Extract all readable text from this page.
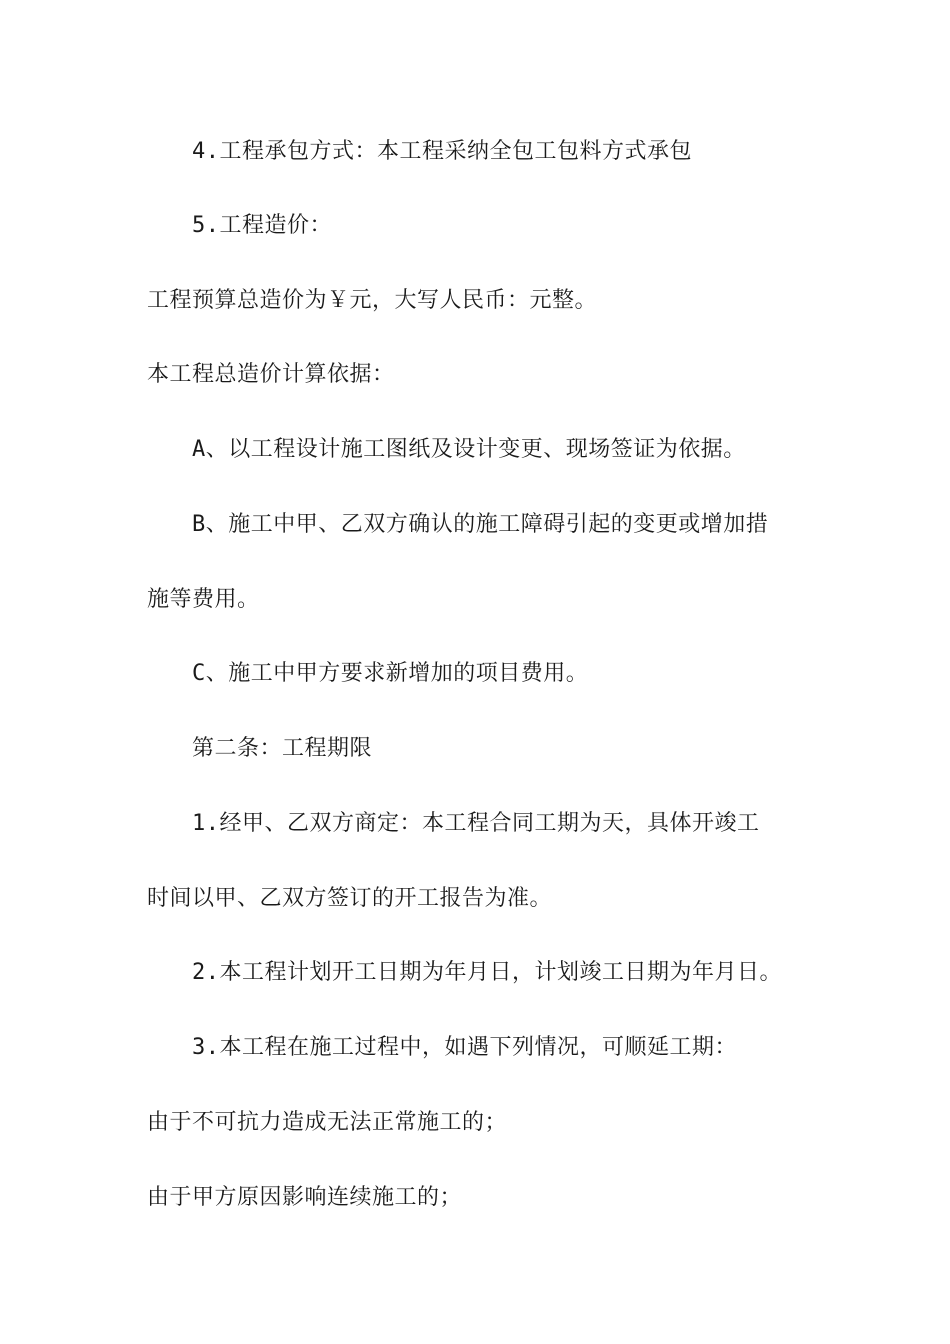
4.工程承包方式：本工程采纳全包工包料方式承包
5.工程造价：
工程预算总造价为￥元，大写人民币：元整。
本工程总造价计算依据：
A、以工程设计施工图纸及设计变更、现场签证为依据。
B、施工中甲、乙双方确认的施工障碍引起的变更或增加措
施等费用。
C、施工中甲方要求新增加的项目费用。
第二条：工程期限
1.经甲、乙双方商定：本工程合同工期为天，具体开竣工
时间以甲、乙双方签订的开工报告为准。
2.本工程计划开工日期为年月日，计划竣工日期为年月日。
3.本工程在施工过程中，如遇下列情况，可顺延工期：
由于不可抗力造成无法正常施工的；
由于甲方原因影响连续施工的；
